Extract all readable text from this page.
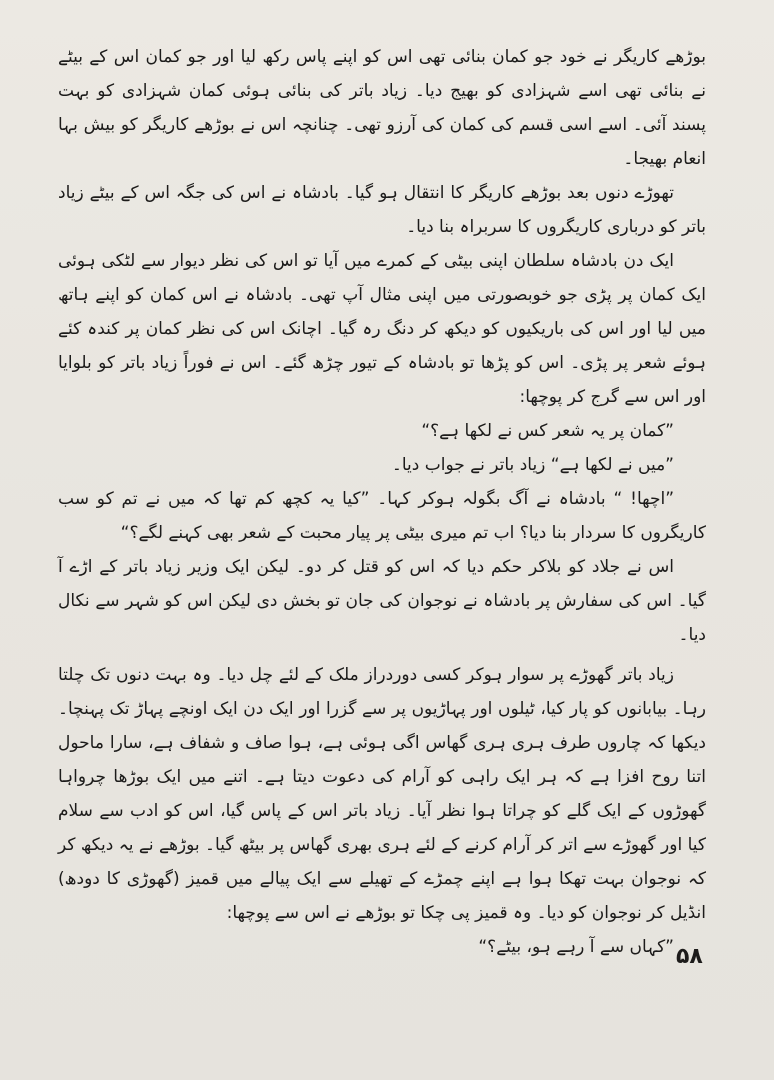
بوڑھے کاریگر نے خود جو کمان بنائی تھی اس کو اپنے پاس رکھ لیا اور جو کمان اس کے بیٹے نے بنائی تھی اسے شہزادی کو بھیج دیا۔ زیاد باتر کی بنائی ہوئی کمان شہزادی کو بہت پسند آئی۔ اسے اسی قسم کی کمان کی آرزو تھی۔ چنانچہ اس نے بوڑھے کاریگر کو بیش بہا انعام بھیجا۔

تھوڑے دنوں بعد بوڑھے کاریگر کا انتقال ہو گیا۔ بادشاہ نے اس کی جگہ اس کے بیٹے زیاد باتر کو درباری کاریگروں کا سربراہ بنا دیا۔

ایک دن بادشاہ سلطان اپنی بیٹی کے کمرے میں آیا تو اس کی نظر دیوار سے لٹکی ہوئی ایک کمان پر پڑی جو خوبصورتی میں اپنی مثال آپ تھی۔ بادشاہ نے اس کمان کو اپنے ہاتھ میں لیا اور اس کی باریکیوں کو دیکھ کر دنگ رہ گیا۔ اچانک اس کی نظر کمان پر کندہ کئے ہوئے شعر پر پڑی۔ اس کو پڑھا تو بادشاہ کے تیور چڑھ گئے۔ اس نے فوراً زیاد باتر کو بلوایا اور اس سے گرج کر پوچھا:

”کمان پر یہ شعر کس نے لکھا ہے؟“

”میں نے لکھا ہے“ زیاد باتر نے جواب دیا۔

”اچھا! “ بادشاہ نے آگ بگولہ ہوکر کہا۔ ”کیا یہ کچھ کم تھا کہ میں نے تم کو سب کاریگروں کا سردار بنا دیا؟ اب تم میری بیٹی پر پیار محبت کے شعر بھی کہنے لگے؟“

اس نے جلاد کو بلاکر حکم دیا کہ اس کو قتل کر دو۔ لیکن ایک وزیر زیاد باتر کے اڑے آ گیا۔ اس کی سفارش پر بادشاہ نے نوجوان کی جان تو بخش دی لیکن اس کو شہر سے نکال دیا۔

زیاد باتر گھوڑے پر سوار ہوکر کسی دوردراز ملک کے لئے چل دیا۔ وہ بہت دنوں تک چلتا رہا۔ بیابانوں کو پار کیا، ٹیلوں اور پہاڑیوں پر سے گزرا اور ایک دن ایک اونچے پہاڑ تک پہنچا۔ دیکھا کہ چاروں طرف ہری ہری گھاس اگی ہوئی ہے، ہوا صاف و شفاف ہے، سارا ماحول اتنا روح افزا ہے کہ ہر ایک راہی کو آرام کی دعوت دیتا ہے۔ اتنے میں ایک بوڑھا چرواہا گھوڑوں کے ایک گلے کو چراتا ہوا نظر آیا۔ زیاد باتر اس کے پاس گیا، اس کو ادب سے سلام کیا اور گھوڑے سے اتر کر آرام کرنے کے لئے ہری بھری گھاس پر بیٹھ گیا۔ بوڑھے نے یہ دیکھ کر کہ نوجوان بہت تھکا ہوا ہے اپنے چمڑے کے تھیلے سے ایک پیالے میں قمیز (گھوڑی کا دودھ) انڈیل کر نوجوان کو دیا۔ وہ قمیز پی چکا تو بوڑھے نے اس سے پوچھا:

”کہاں سے آ رہے ہو، بیٹے؟“ ۵۸
